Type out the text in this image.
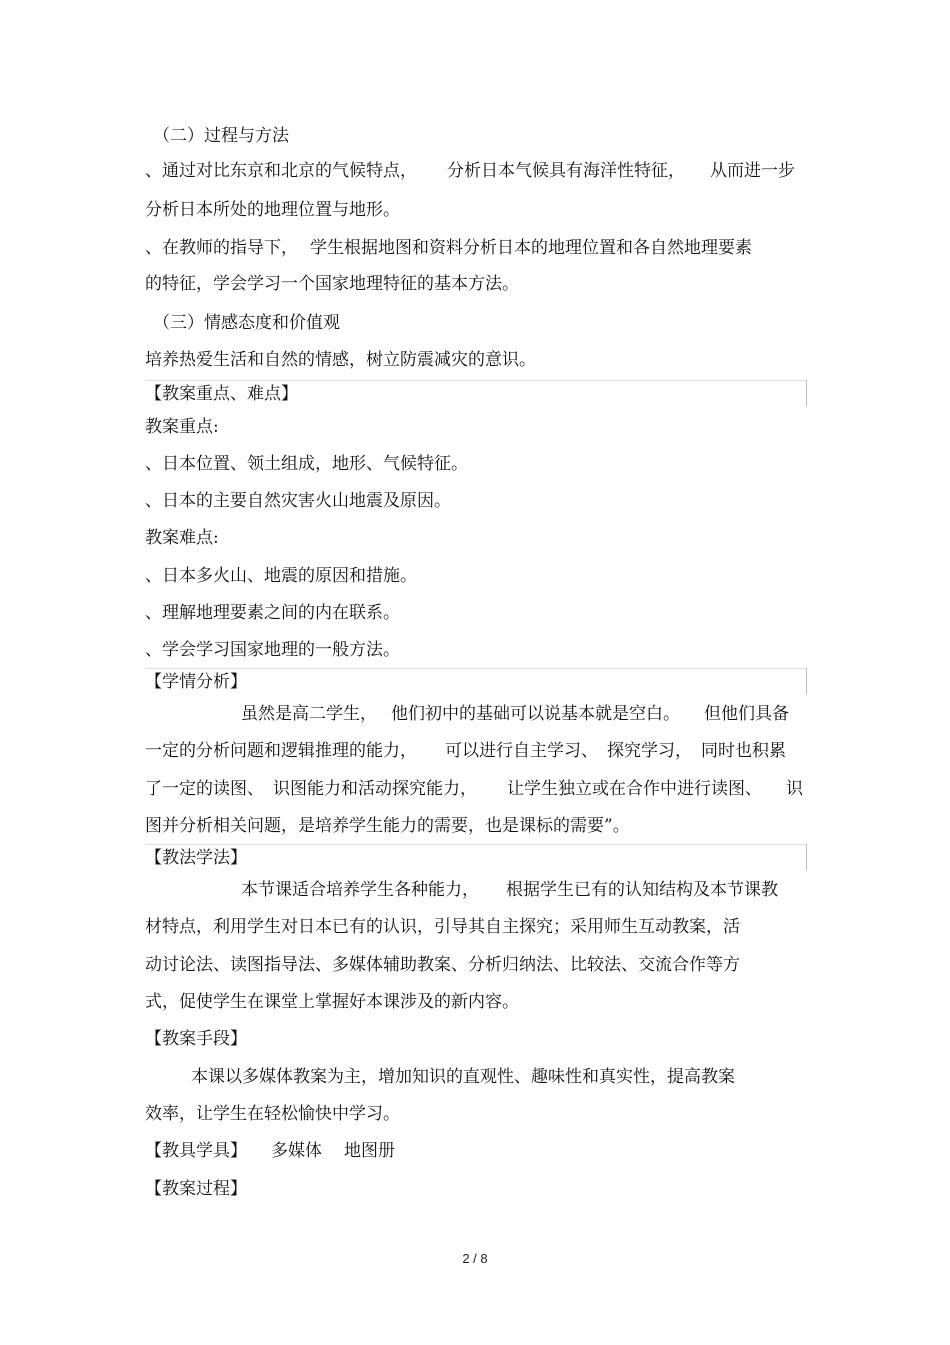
（二）过程与方法
、通过对比东京和北京的气候特点， 分析日本气候具有海洋性特征， 从而进一步
分析日本所处的地理位置与地形。
、在教师的指导下， 学生根据地图和资料分析日本的地理位置和各自然地理要素
的特征，学会学习一个国家地理特征的基本方法。
（三）情感态度和价值观
培养热爱生活和自然的情感，树立防震减灾的意识。
【教案重点、难点】
教案重点:
、日本位置、领土组成，地形、气候特征。
、日本的主要自然灾害火山地震及原因。
教案难点:
、日本多火山、地震的原因和措施。
、理解地理要素之间的内在联系。
、学会学习国家地理的一般方法。
【学情分析】
虽然是高二学生， 他们初中的基础可以说基本就是空白。 但他们具备
一定的分析问题和逻辑推理的能力， 可以进行自主学习、 探究学习， 同时也积累
了一定的读图、 识图能力和活动探究能力， 让学生独立或在合作中进行读图、 识
图并分析相关问题，是培养学生能力的需要，也是课标的需要”。
【教法学法】
本节课适合培养学生各种能力， 根据学生已有的认知结构及本节课教
材特点，利用学生对日本已有的认识，引导其自主探究；采用师生互动教案，活
动讨论法、读图指导法、多媒体辅助教案、分析归纳法、比较法、交流合作等方
式，促使学生在课堂上掌握好本课涉及的新内容。
【教案手段】
本课以多媒体教案为主，增加知识的直观性、趣味性和真实性，提高教案
效率，让学生在轻松愉快中学习。
【教具学具】 多媒体 地图册
【教案过程】
2 / 8
